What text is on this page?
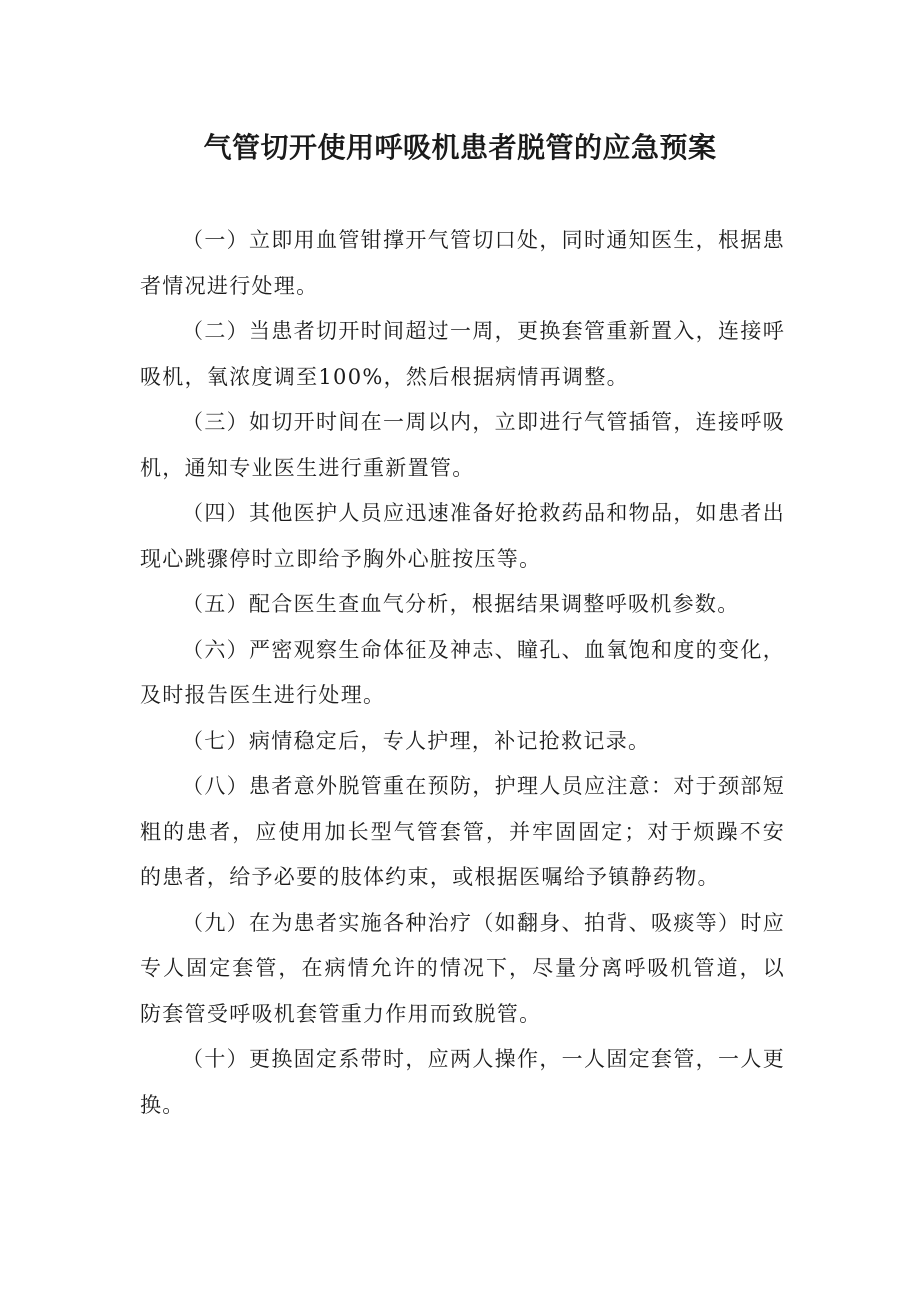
气管切开使用呼吸机患者脱管的应急预案

（一）立即用血管钳撑开气管切口处，同时通知医生，根据患者情况进行处理。

（二）当患者切开时间超过一周，更换套管重新置入，连接呼吸机，氧浓度调至100%，然后根据病情再调整。

（三）如切开时间在一周以内，立即进行气管插管，连接呼吸机，通知专业医生进行重新置管。

（四）其他医护人员应迅速准备好抢救药品和物品，如患者出现心跳骤停时立即给予胸外心脏按压等。

（五）配合医生查血气分析，根据结果调整呼吸机参数。

（六）严密观察生命体征及神志、瞳孔、血氧饱和度的变化，及时报告医生进行处理。

（七）病情稳定后，专人护理，补记抢救记录。

（八）患者意外脱管重在预防，护理人员应注意：对于颈部短粗的患者，应使用加长型气管套管，并牢固固定；对于烦躁不安的患者，给予必要的肢体约束，或根据医嘱给予镇静药物。

（九）在为患者实施各种治疗（如翻身、拍背、吸痰等）时应专人固定套管，在病情允许的情况下，尽量分离呼吸机管道，以防套管受呼吸机套管重力作用而致脱管。

（十）更换固定系带时，应两人操作，一人固定套管，一人更换。
